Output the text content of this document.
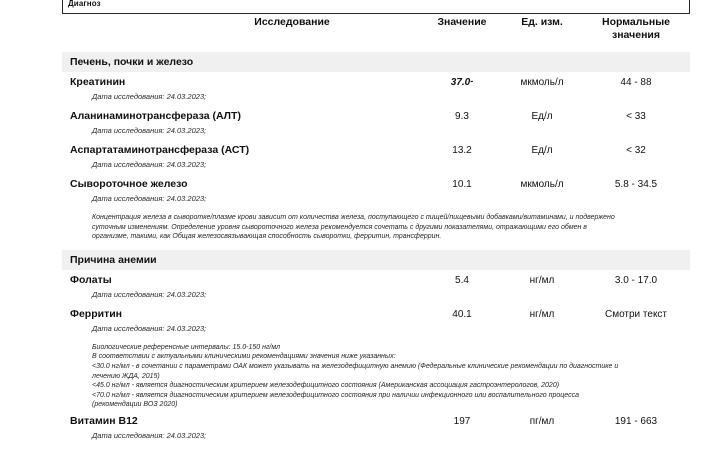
Диагноз
Исследование	Значение	Ед. изм.	Нормальные
значения
Печень, почки и железо
Креатинин	37.0-	мкмоль/л	44 - 88
Дата исследования: 24.03.2023;
Аланинаминотрансфераза (АЛТ)	9.3	Ед/л	< 33
Дата исследования: 24.03.2023;
Аспартатаминотрансфераза (АСТ)	13.2	Ед/л	< 32
Дата исследования: 24.03.2023;
Сывороточное железо	10.1	мкмоль/л	5.8 - 34.5
Дата исследования: 24.03.2023;
Концентрация железа в сыворотке/плазме крови зависит от количества железа, поступающего с пищей/пищевыми добавками/витаминами, и подвержено
суточным изменениям. Определение уровня сывороточного железа рекомендуется сочетать с другими показателями, отражающими его обмен в
организме, такими, как Общая железосвязывающая способность сыворотки, ферритин, трансферрин.
Причина анемии
Фолаты	5.4	нг/мл	3.0 - 17.0
Дата исследования: 24.03.2023;
Ферритин	40.1	нг/мл	Смотри текст
Дата исследования: 24.03.2023;
Биологические референсные интервалы: 15.0-150 нг/мл
В соответствии с актуальными клиническими рекомендациями значения ниже указанных:
<30.0 нг/мл - в сочетании с параметрами ОАК может указывать на железодефицитную анемию (Федеральные клинические рекомендации по диагностике и
лечению ЖДА, 2015)
<45.0 нг/мл - является диагностическим критерием железодефицитного состояния (Американская ассоциация гастроэнтерологов, 2020)
<70.0 нг/мл - является диагностическим критерием железодефицитного состояния при наличии инфекционного или воспалительного процесса
(рекомендации ВОЗ 2020)
Витамин В12	197	пг/мл	191 - 663
Дата исследования: 24.03.2023;
